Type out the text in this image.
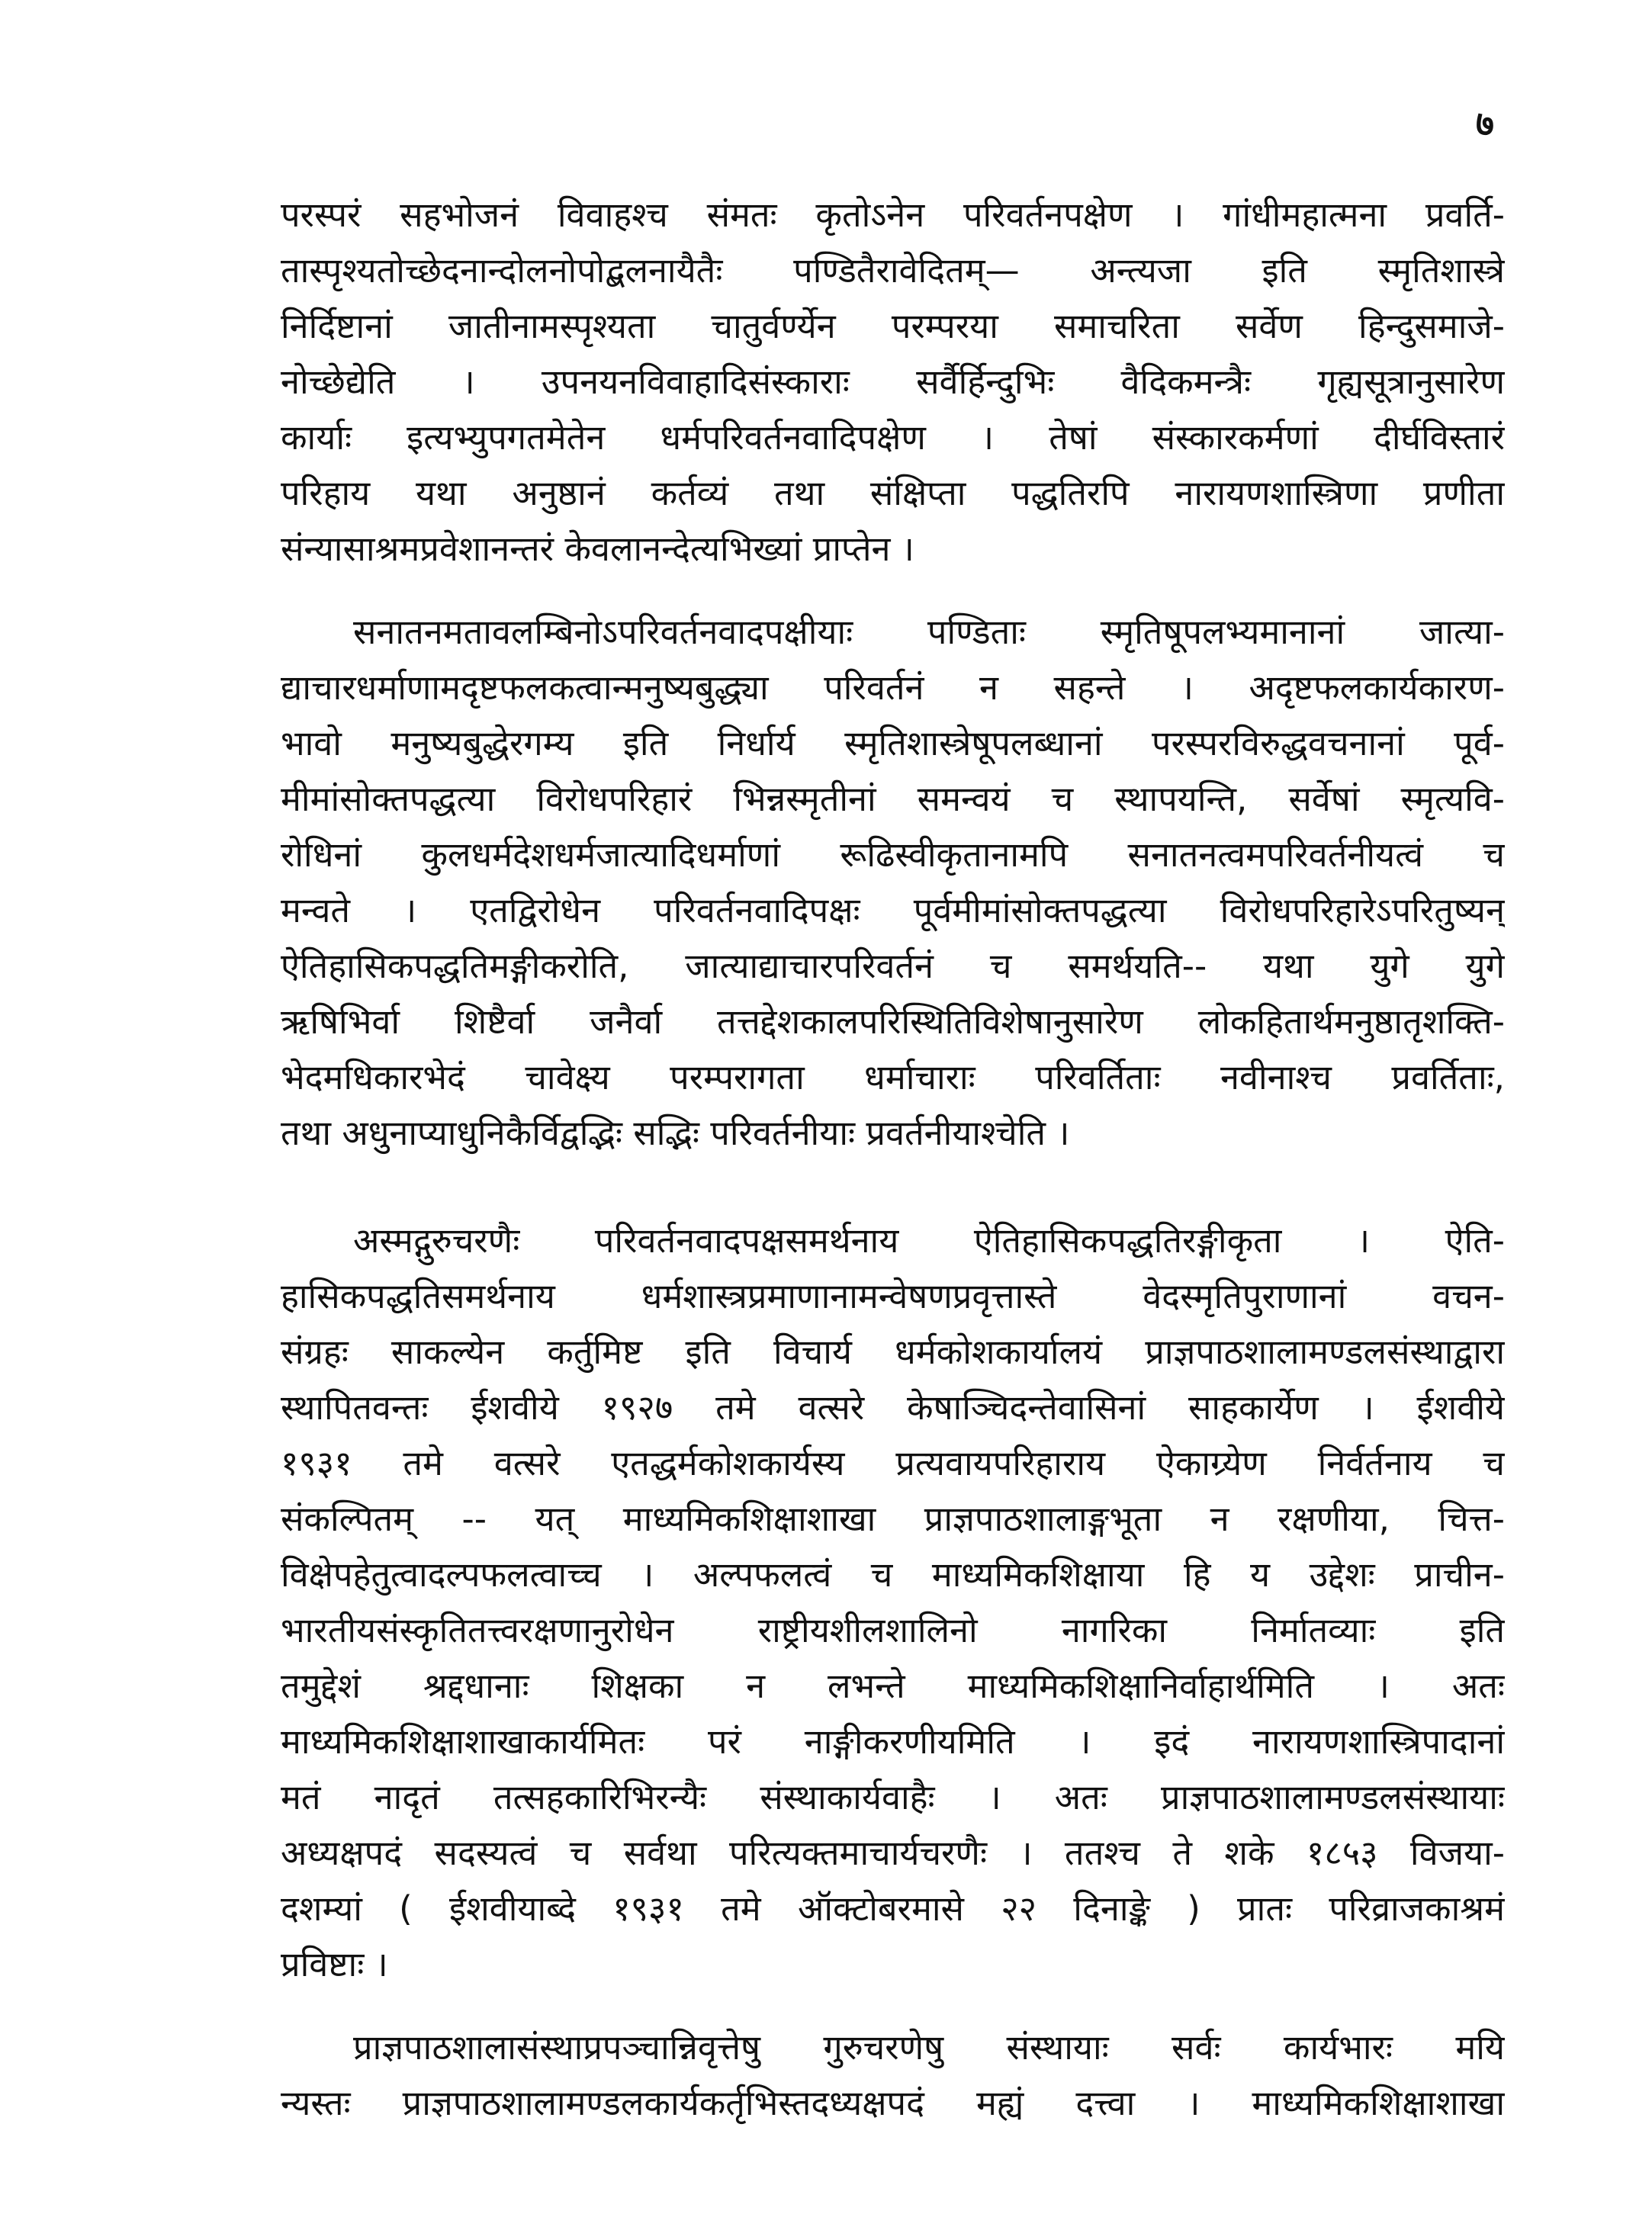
७
परस्परं सहभोजनं विवाहश्च संमतः कृतोऽनेन परिवर्तनपक्षेण । गांधीमहात्मना प्रवर्ति-
तास्पृश्यतोच्छेदनान्दोलनोपोद्बलनायैतैः पण्डितैरावेदितम्— अन्त्यजा इति स्मृतिशास्त्रे
निर्दिष्टानां जातीनामस्पृश्यता चातुर्वर्ण्येन परम्परया समाचरिता सर्वेण हिन्दुसमाजे-
नोच्छेद्येति । उपनयनविवाहादिसंस्काराः सर्वैर्हिन्दुभिः वैदिकमन्त्रैः गृह्यसूत्रानुसारेण
कार्याः इत्यभ्युपगतमेतेन धर्मपरिवर्तनवादिपक्षेण । तेषां संस्कारकर्मणां दीर्घविस्तारं
परिहाय यथा अनुष्ठानं कर्तव्यं तथा संक्षिप्ता पद्धतिरपि नारायणशास्त्रिणा प्रणीता
संन्यासाश्रमप्रवेशानन्तरं केवलानन्देत्यभिख्यां प्राप्तेन ।
सनातनमतावलम्बिनोऽपरिवर्तनवादपक्षीयाः पण्डिताः स्मृतिषूपलभ्यमानानां जात्या-
द्याचारधर्माणामदृष्टफलकत्वान्मनुष्यबुद्ध्या परिवर्तनं न सहन्ते । अदृष्टफलकार्यकारण-
भावो मनुष्यबुद्धेरगम्य इति निर्धार्य स्मृतिशास्त्रेषूपलब्धानां परस्परविरुद्धवचनानां पूर्व-
मीमांसोक्तपद्धत्या विरोधपरिहारं भिन्नस्मृतीनां समन्वयं च स्थापयन्ति, सर्वेषां स्मृत्यवि-
रोधिनां कुलधर्मदेशधर्मजात्यादिधर्माणां रूढिस्वीकृतानामपि सनातनत्वमपरिवर्तनीयत्वं च
मन्वते । एतद्विरोधेन परिवर्तनवादिपक्षः पूर्वमीमांसोक्तपद्धत्या विरोधपरिहारेऽपरितुष्यन्
ऐतिहासिकपद्धतिमङ्गीकरोति, जात्याद्याचारपरिवर्तनं च समर्थयति-- यथा युगे युगे
ऋषिभिर्वा शिष्टैर्वा जनैर्वा तत्तद्देशकालपरिस्थितिविशेषानुसारेण लोकहितार्थमनुष्ठातृशक्ति-
भेदमधिकारभेदं चावेक्ष्य परम्परागता धर्माचाराः परिवर्तिताः नवीनाश्च प्रवर्तिताः,
तथा अधुनाप्याधुनिकैर्विद्वद्भिः सद्भिः परिवर्तनीयाः प्रवर्तनीयाश्चेति ।
अस्मद्गुरुचरणैः परिवर्तनवादपक्षसमर्थनाय ऐतिहासिकपद्धतिरङ्गीकृता । ऐति-
हासिकपद्धतिसमर्थनाय धर्मशास्त्रप्रमाणानामन्वेषणप्रवृत्तास्ते वेदस्मृतिपुराणानां वचन-
संग्रहः साकल्येन कर्तुमिष्ट इति विचार्य धर्मकोशकार्यालयं प्राज्ञपाठशालामण्डलसंस्थाद्वारा
स्थापितवन्तः ईशवीये १९२७ तमे वत्सरे केषाञ्चिदन्तेवासिनां साहकार्येण । ईशवीये
१९३१ तमे वत्सरे एतद्धर्मकोशकार्यस्य प्रत्यवायपरिहाराय ऐकाग्र्येण निर्वर्तनाय च
संकल्पितम् -- यत् माध्यमिकशिक्षाशाखा प्राज्ञपाठशालाङ्गभूता न रक्षणीया, चित्त-
विक्षेपहेतुत्वादल्पफलत्वाच्च । अल्पफलत्वं च माध्यमिकशिक्षाया हि य उद्देशः प्राचीन-
भारतीयसंस्कृतितत्त्वरक्षणानुरोधेन राष्ट्रीयशीलशालिनो नागरिका निर्मातव्याः इति
तमुद्देशं श्रद्दधानाः शिक्षका न लभन्ते माध्यमिकशिक्षानिर्वाहार्थमिति । अतः
माध्यमिकशिक्षाशाखाकार्यमितः परं नाङ्गीकरणीयमिति । इदं नारायणशास्त्रिपादानां
मतं नादृतं तत्सहकारिभिरन्यैः संस्थाकार्यवाहैः । अतः प्राज्ञपाठशालामण्डलसंस्थायाः
अध्यक्षपदं सदस्यत्वं च सर्वथा परित्यक्तमाचार्यचरणैः । ततश्च ते शके १८५३ विजया-
दशम्यां ( ईशवीयाब्दे १९३१ तमे ऑक्टोबरमासे २२ दिनाङ्के ) प्रातः परिव्राजकाश्रमं
प्रविष्टाः ।
प्राज्ञपाठशालासंस्थाप्रपञ्चान्निवृत्तेषु गुरुचरणेषु संस्थायाः सर्वः कार्यभारः मयि
न्यस्तः प्राज्ञपाठशालामण्डलकार्यकर्तृभिस्तदध्यक्षपदं मह्यं दत्त्वा । माध्यमिकशिक्षाशाखा
